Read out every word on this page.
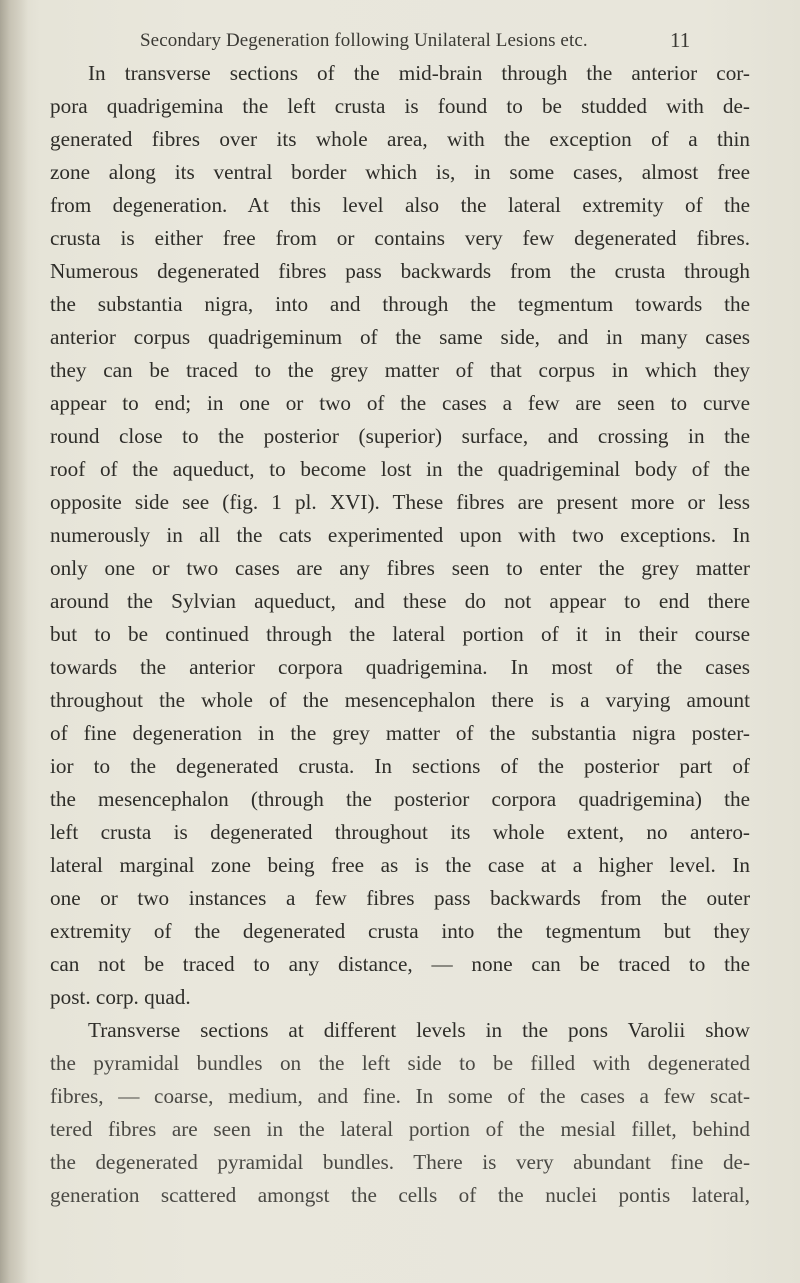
Secondary Degeneration following Unilateral Lesions etc.	11
In transverse sections of the mid-brain through the anterior cor-
pora quadrigemina the left crusta is found to be studded with de-
generated fibres over its whole area, with the exception of a thin
zone along its ventral border which is, in some cases, almost free
from degeneration. At this level also the lateral extremity of the
crusta is either free from or contains very few degenerated fibres.
Numerous degenerated fibres pass backwards from the crusta through
the substantia nigra, into and through the tegmentum towards the
anterior corpus quadrigeminum of the same side, and in many cases
they can be traced to the grey matter of that corpus in which they
appear to end; in one or two of the cases a few are seen to curve
round close to the posterior (superior) surface, and crossing in the
roof of the aqueduct, to become lost in the quadrigeminal body of the
opposite side see (fig. 1 pl. XVI). These fibres are present more or less
numerously in all the cats experimented upon with two exceptions. In
only one or two cases are any fibres seen to enter the grey matter
around the Sylvian aqueduct, and these do not appear to end there
but to be continued through the lateral portion of it in their course
towards the anterior corpora quadrigemina. In most of the cases
throughout the whole of the mesencephalon there is a varying amount
of fine degeneration in the grey matter of the substantia nigra poster-
ior to the degenerated crusta. In sections of the posterior part of
the mesencephalon (through the posterior corpora quadrigemina) the
left crusta is degenerated throughout its whole extent, no antero-
lateral marginal zone being free as is the case at a higher level. In
one or two instances a few fibres pass backwards from the outer
extremity of the degenerated crusta into the tegmentum but they
can not be traced to any distance, — none can be traced to the
post. corp. quad.
Transverse sections at different levels in the pons Varolii show
the pyramidal bundles on the left side to be filled with degenerated
fibres, — coarse, medium, and fine. In some of the cases a few scat-
tered fibres are seen in the lateral portion of the mesial fillet, behind
the degenerated pyramidal bundles. There is very abundant fine de-
generation scattered amongst the cells of the nuclei pontis lateral,
